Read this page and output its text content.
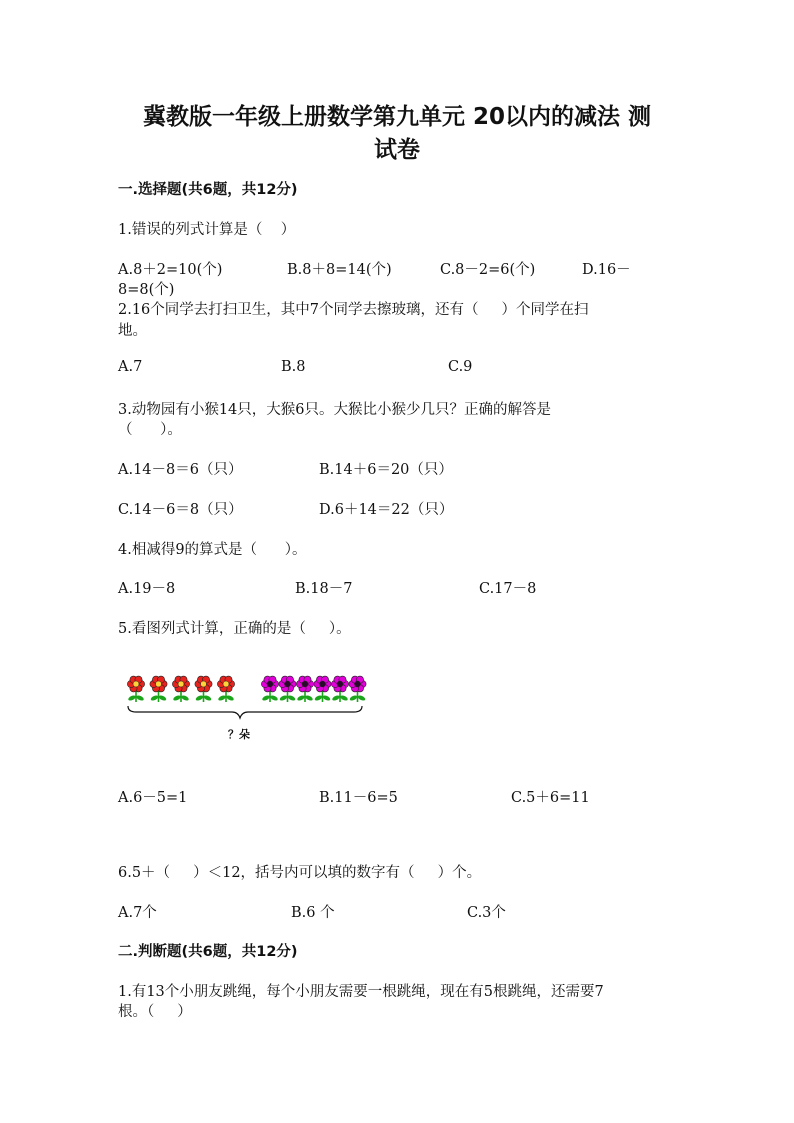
冀教版一年级上册数学第九单元 20以内的减法 测
试卷
一.选择题(共6题，共12分)
1.错误的列式计算是（    ）
A.8＋2=10(个)	B.8＋8=14(个)	C.8－2=6(个)	D.16－
8=8(个)
2.16个同学去打扫卫生，其中7个同学去擦玻璃，还有（     ）个同学在扫
地。
A.7	B.8	C.9
3.动物园有小猴14只，大猴6只。大猴比小猴少几只？正确的解答是
（      ）。
A.14－8＝6（只）	B.14＋6＝20（只）
C.14－6＝8（只）	D.6＋14＝22（只）
4.相减得9的算式是（      ）。
A.19－8	B.18－7	C.17－8
5.看图列式计算，正确的是（     ）。
？朵
A.6－5=1	B.11－6=5	C.5＋6=11
6.5＋（     ）＜12，括号内可以填的数字有（     ）个。
A.7个	B.6 个	C.3个
二.判断题(共6题，共12分)
1.有13个小朋友跳绳，每个小朋友需要一根跳绳，现在有5根跳绳，还需要7
根。（     ）
